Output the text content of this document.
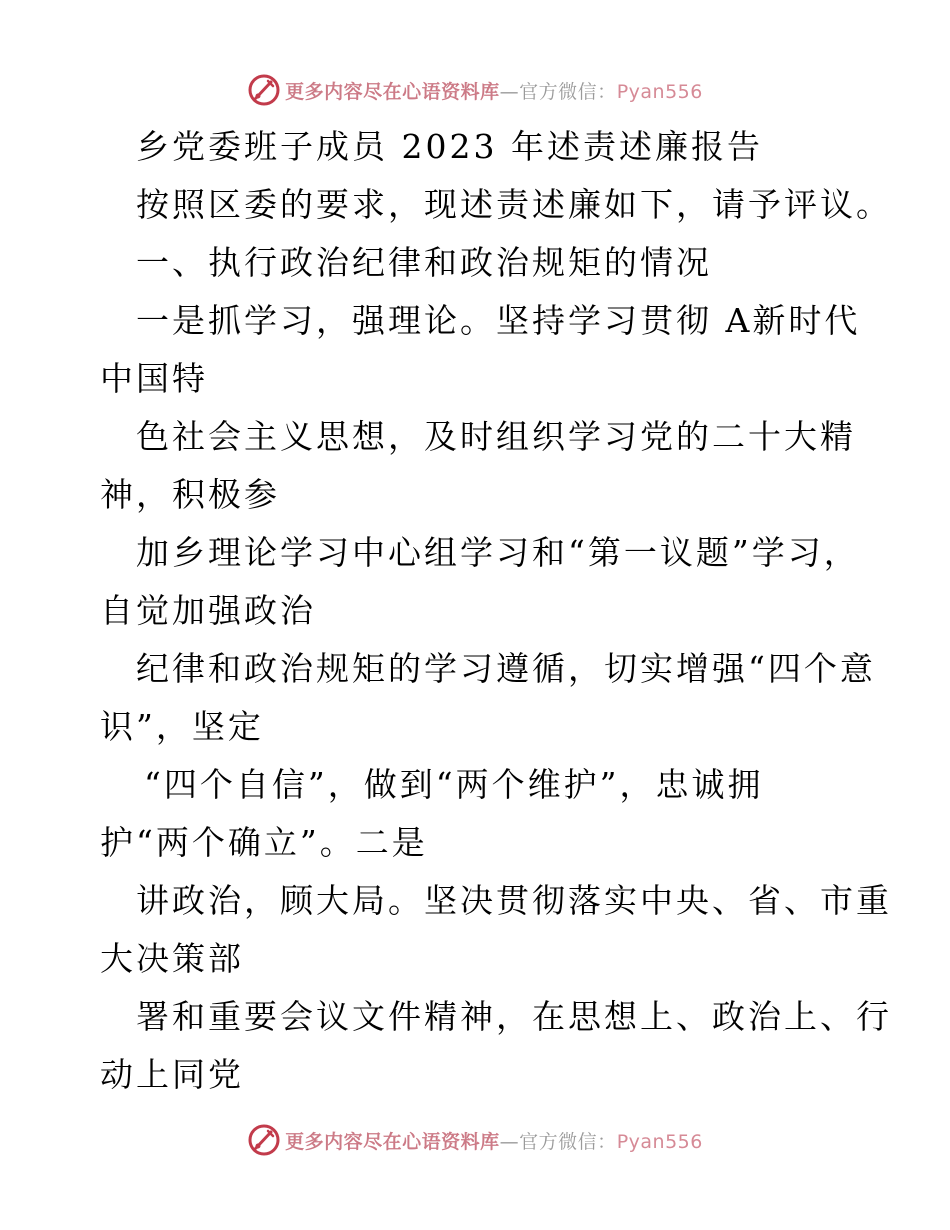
更多内容尽在心语资料库—官方微信：Pyan556
乡党委班子成员 2023 年述责述廉报告
按照区委的要求，现述责述廉如下，请予评议。
一、执行政治纪律和政治规矩的情况
一是抓学习，强理论。坚持学习贯彻 A新时代
中国特
色社会主义思想，及时组织学习党的二十大精
神，积极参
加乡理论学习中心组学习和“第一议题”学习，
自觉加强政治
纪律和政治规矩的学习遵循，切实增强“四个意
识”，坚定
“四个自信”，做到“两个维护”，忠诚拥
护“两个确立”。二是
讲政治，顾大局。坚决贯彻落实中央、省、市重
大决策部
署和重要会议文件精神，在思想上、政治上、行
动上同党
更多内容尽在心语资料库—官方微信：Pyan556
